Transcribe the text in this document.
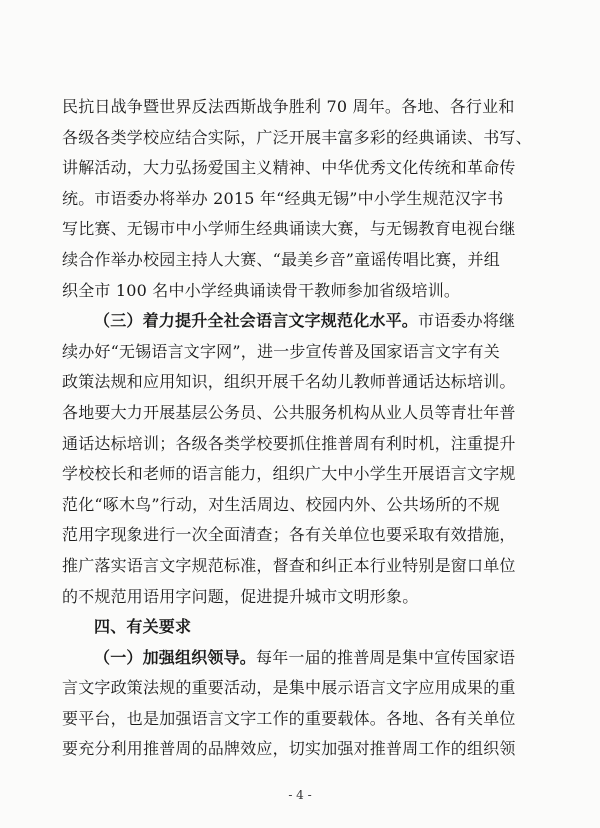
民抗日战争暨世界反法西斯战争胜利 70 周年。各地、各行业和
各级各类学校应结合实际，广泛开展丰富多彩的经典诵读、书写、
讲解活动，大力弘扬爱国主义精神、中华优秀文化传统和革命传
统。市语委办将举办 2015 年“经典无锡”中小学生规范汉字书
写比赛、无锡市中小学师生经典诵读大赛，与无锡教育电视台继
续合作举办校园主持人大赛、“最美乡音”童谣传唱比赛，并组
织全市 100 名中小学经典诵读骨干教师参加省级培训。
（三）着力提升全社会语言文字规范化水平。市语委办将继
续办好“无锡语言文字网”，进一步宣传普及国家语言文字有关
政策法规和应用知识，组织开展千名幼儿教师普通话达标培训。
各地要大力开展基层公务员、公共服务机构从业人员等青壮年普
通话达标培训；各级各类学校要抓住推普周有利时机，注重提升
学校校长和老师的语言能力，组织广大中小学生开展语言文字规
范化“啄木鸟”行动，对生活周边、校园内外、公共场所的不规
范用字现象进行一次全面清查；各有关单位也要采取有效措施，
推广落实语言文字规范标准，督查和纠正本行业特别是窗口单位
的不规范用语用字问题，促进提升城市文明形象。
四、有关要求
（一）加强组织领导。每年一届的推普周是集中宣传国家语
言文字政策法规的重要活动，是集中展示语言文字应用成果的重
要平台，也是加强语言文字工作的重要载体。各地、各有关单位
要充分利用推普周的品牌效应，切实加强对推普周工作的组织领
- 4 -
